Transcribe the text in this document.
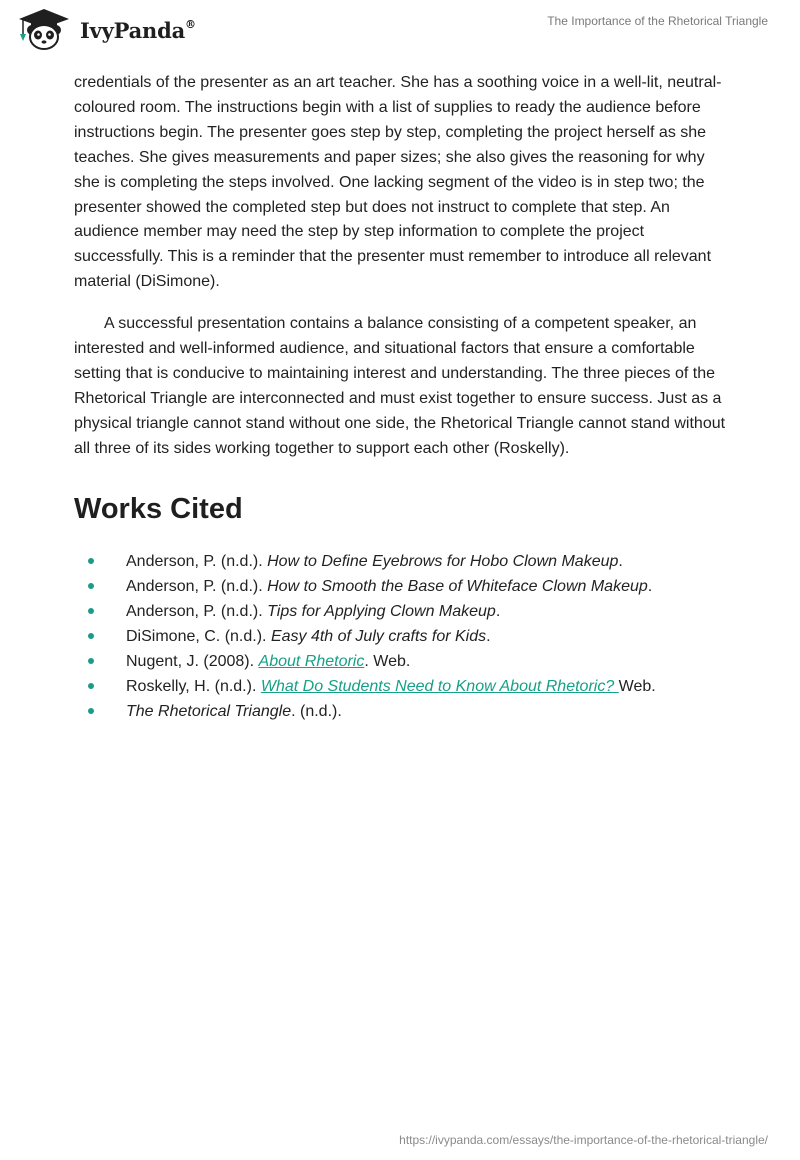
IvyPanda®	The Importance of the Rhetorical Triangle

credentials of the presenter as an art teacher. She has a soothing voice in a well-lit, neutral-coloured room. The instructions begin with a list of supplies to ready the audience before instructions begin. The presenter goes step by step, completing the project herself as she teaches. She gives measurements and paper sizes; she also gives the reasoning for why she is completing the steps involved. One lacking segment of the video is in step two; the presenter showed the completed step but does not instruct to complete that step. An audience member may need the step by step information to complete the project successfully. This is a reminder that the presenter must remember to introduce all relevant material (DiSimone).

A successful presentation contains a balance consisting of a competent speaker, an interested and well-informed audience, and situational factors that ensure a comfortable setting that is conducive to maintaining interest and understanding. The three pieces of the Rhetorical Triangle are interconnected and must exist together to ensure success. Just as a physical triangle cannot stand without one side, the Rhetorical Triangle cannot stand without all three of its sides working together to support each other (Roskelly).

Works Cited
Anderson, P. (n.d.). How to Define Eyebrows for Hobo Clown Makeup.
Anderson, P. (n.d.). How to Smooth the Base of Whiteface Clown Makeup.
Anderson, P. (n.d.). Tips for Applying Clown Makeup.
DiSimone, C. (n.d.). Easy 4th of July crafts for Kids.
Nugent, J. (2008). About Rhetoric. Web.
Roskelly, H. (n.d.). What Do Students Need to Know About Rhetoric? Web.
The Rhetorical Triangle. (n.d.).
https://ivypanda.com/essays/the-importance-of-the-rhetorical-triangle/
